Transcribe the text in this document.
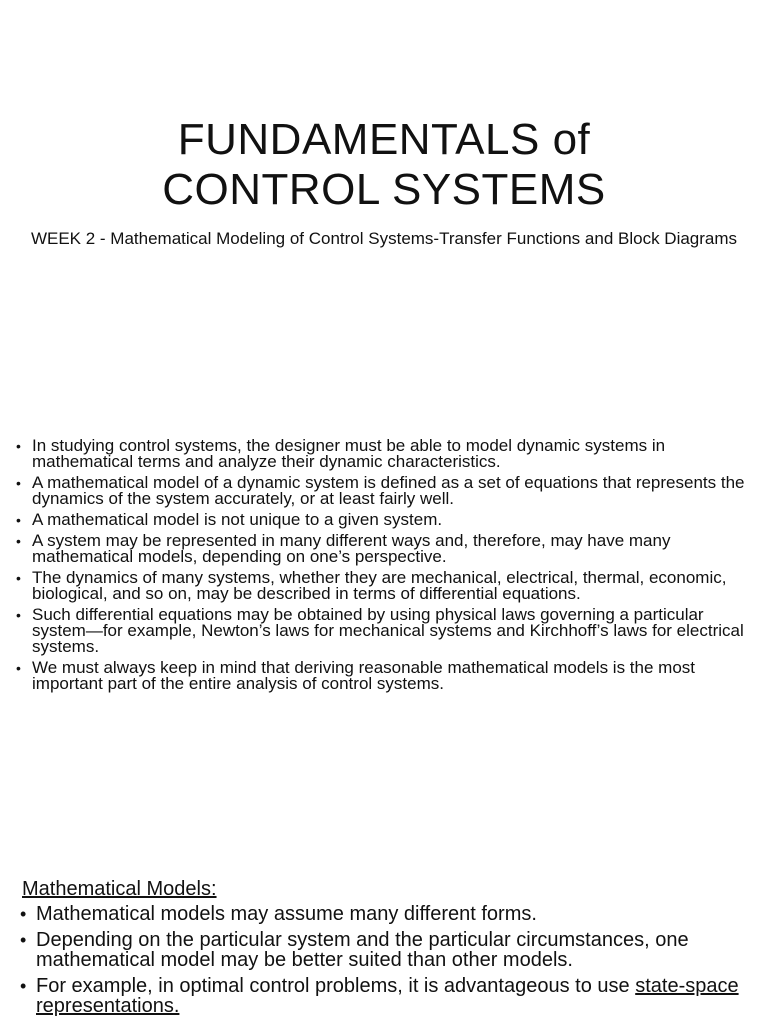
FUNDAMENTALS of
CONTROL SYSTEMS

WEEK 2 - Mathematical Modeling of Control Systems-Transfer Functions and Block Diagrams

• In studying control systems, the designer must be able to model dynamic systems in mathematical terms and analyze their dynamic characteristics.
• A mathematical model of a dynamic system is defined as a set of equations that represents the dynamics of the system accurately, or at least fairly well.
• A mathematical model is not unique to a given system.
• A system may be represented in many different ways and, therefore, may have many mathematical models, depending on one’s perspective.
• The dynamics of many systems, whether they are mechanical, electrical, thermal, economic, biological, and so on, may be described in terms of differential equations.
• Such differential equations may be obtained by using physical laws governing a particular system—for example, Newton’s laws for mechanical systems and Kirchhoff’s laws for electrical systems.
• We must always keep in mind that deriving reasonable mathematical models is the most important part of the entire analysis of control systems.
Mathematical Models:
• Mathematical models may assume many different forms.
• Depending on the particular system and the particular circumstances, one mathematical model may be better suited than other models.
• For example, in optimal control problems, it is advantageous to use state-space representations.
